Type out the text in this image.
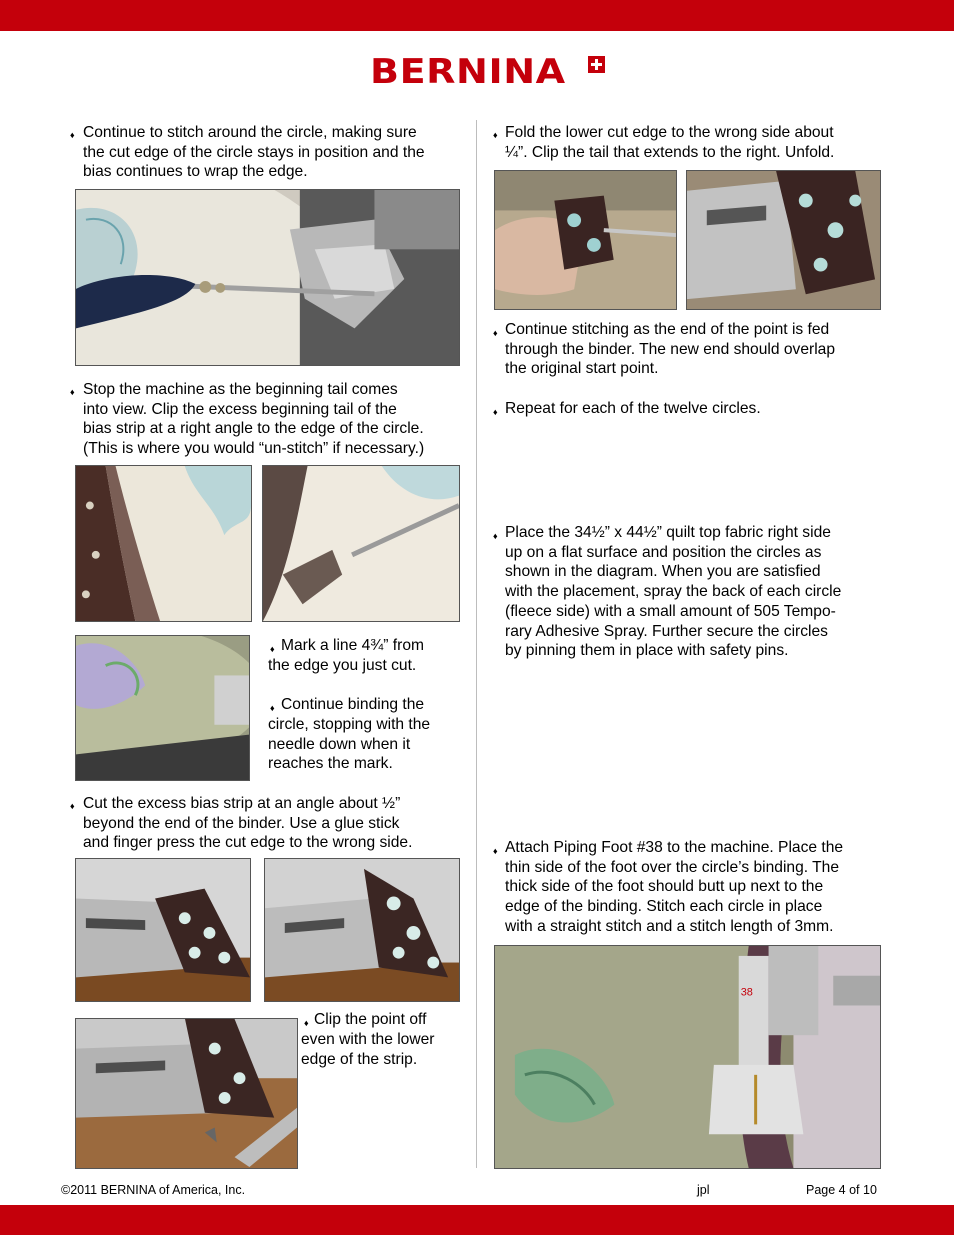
BERNINA
♦ Continue to stitch around the circle, making sure
the cut edge of the circle stays in position and the
bias continues to wrap the edge.
♦ Stop the machine as the beginning tail comes
into view. Clip the excess beginning tail of the
bias strip at a right angle to the edge of the circle.
(This is where you would “un-stitch” if necessary.)
♦ Mark a line 4¾” from
the edge you just cut.
♦ Continue binding the
circle, stopping with the
needle down when it
reaches the mark.
♦ Cut the excess bias strip at an angle about ½”
beyond the end of the binder. Use a glue stick
and finger press the cut edge to the wrong side.
♦ Clip the point off
even with the lower
edge of the strip.
♦ Fold the lower cut edge to the wrong side about
¼”. Clip the tail that extends to the right. Unfold.
♦ Continue stitching as the end of the point is fed
through the binder. The new end should overlap
the original start point.
♦ Repeat for each of the twelve circles.
♦ Place the 34½” x 44½” quilt top fabric right side
up on a flat surface and position the circles as
shown in the diagram. When you are satisfied
with the placement, spray the back of each circle
(fleece side) with a small amount of 505 Tempo-
rary Adhesive Spray. Further secure the circles
by pinning them in place with safety pins.
♦ Attach Piping Foot #38 to the machine. Place the
thin side of the foot over the circle’s binding. The
thick side of the foot should butt up next to the
edge of the binding. Stitch each circle in place
with a straight stitch and a stitch length of 3mm.
38
©2011 BERNINA of America, Inc.	jpl	Page 4 of 10
